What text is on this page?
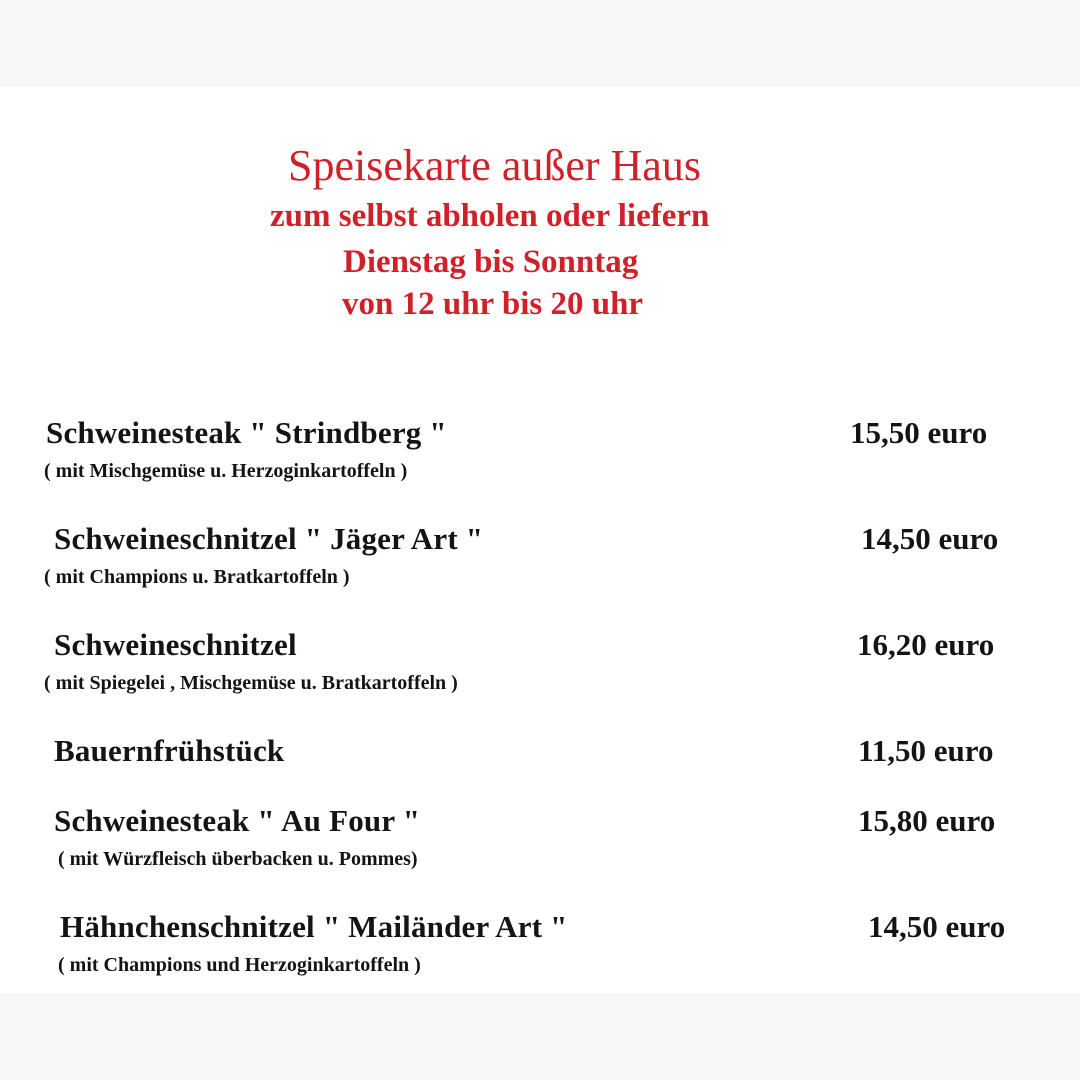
Speisekarte außer Haus
zum selbst abholen oder liefern
Dienstag bis Sonntag
von 12 uhr bis 20 uhr
Schweinesteak " Strindberg "	15,50 euro
( mit Mischgemüse u. Herzoginkartoffeln )
Schweineschnitzel " Jäger Art "	14,50 euro
( mit Champions u. Bratkartoffeln )
Schweineschnitzel	16,20 euro
( mit Spiegelei , Mischgemüse u. Bratkartoffeln )
Bauernfrühstück	11,50 euro
Schweinesteak " Au Four "	15,80 euro
( mit Würzfleisch überbacken u. Pommes)
Hähnchenschnitzel " Mailänder Art "	14,50 euro
( mit Champions und Herzoginkartoffeln )
